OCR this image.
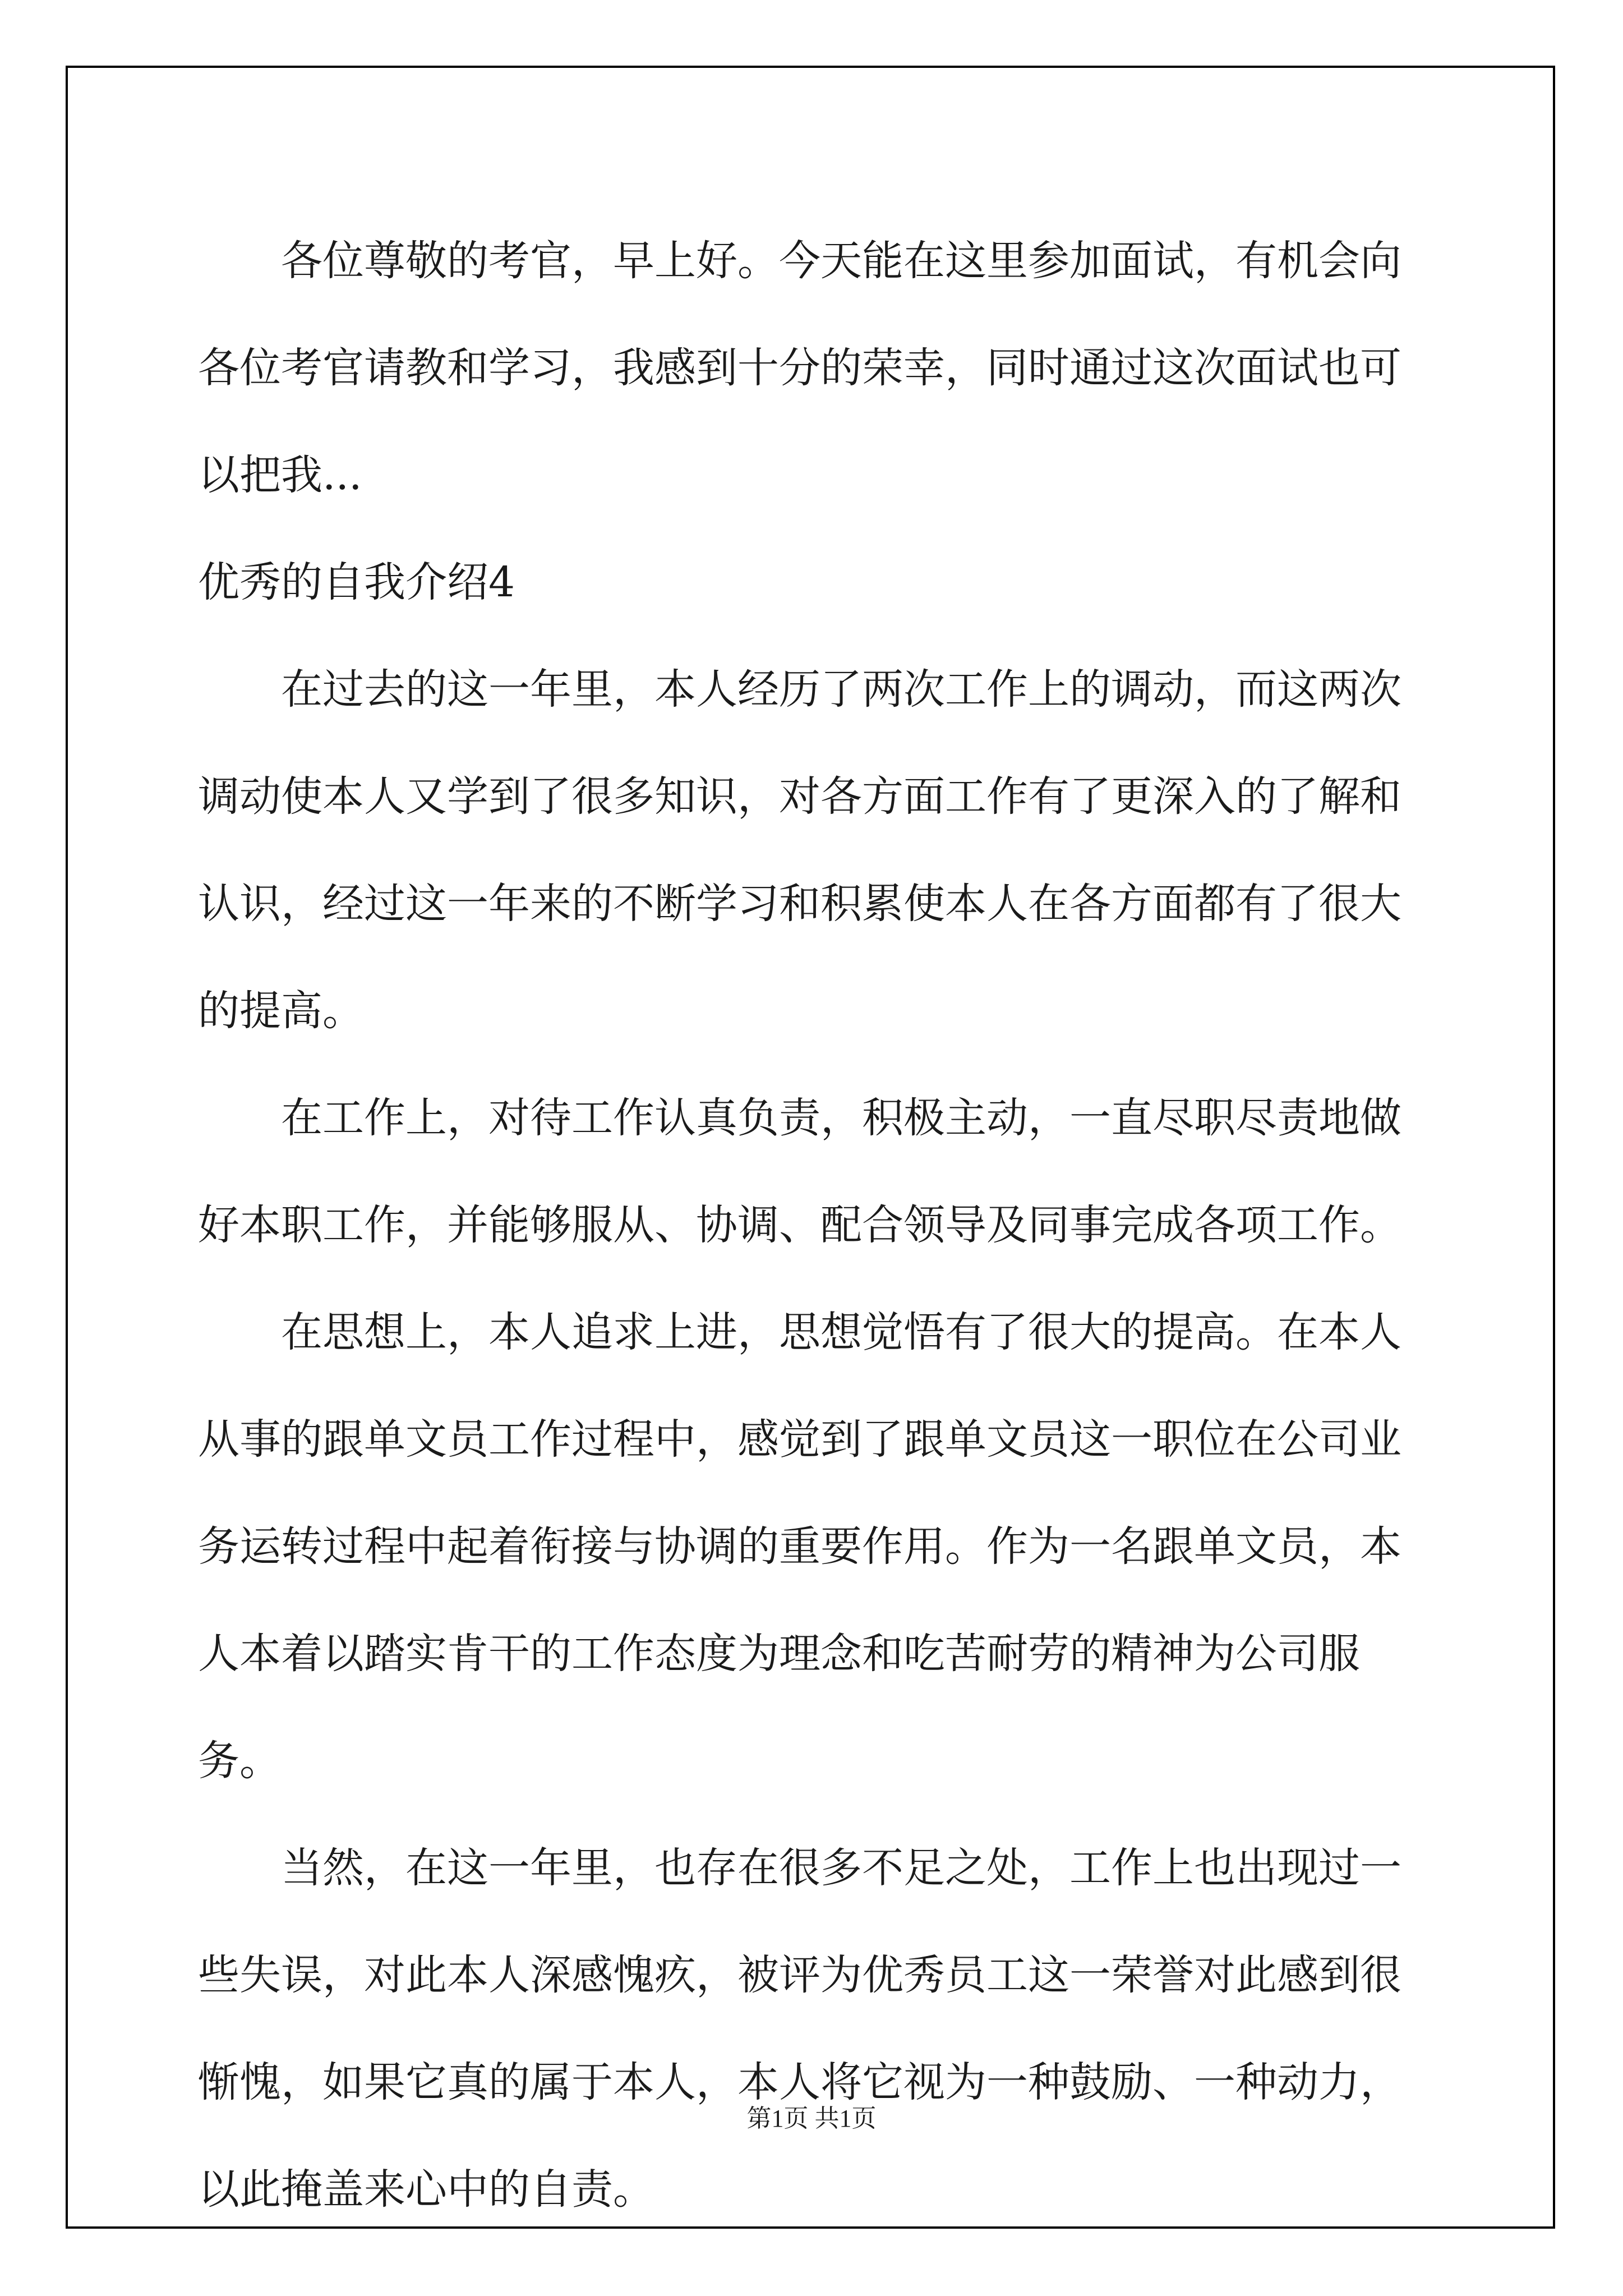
各位尊敬的考官，早上好。今天能在这里参加面试，有机会向各位考官请教和学习，我感到十分的荣幸，同时通过这次面试也可以把我...

优秀的自我介绍4

在过去的这一年里，本人经历了两次工作上的调动，而这两次调动使本人又学到了很多知识，对各方面工作有了更深入的了解和认识，经过这一年来的不断学习和积累使本人在各方面都有了很大的提高。

在工作上，对待工作认真负责，积极主动，一直尽职尽责地做好本职工作，并能够服从、协调、配合领导及同事完成各项工作。

在思想上，本人追求上进，思想觉悟有了很大的提高。在本人从事的跟单文员工作过程中，感觉到了跟单文员这一职位在公司业务运转过程中起着衔接与协调的重要作用。作为一名跟单文员，本人本着以踏实肯干的工作态度为理念和吃苦耐劳的精神为公司服务。

当然，在这一年里，也存在很多不足之处，工作上也出现过一些失误，对此本人深感愧疚，被评为优秀员工这一荣誉对此感到很惭愧，如果它真的属于本人，本人将它视为一种鼓励、一种动力，以此掩盖来心中的自责。

第1页 共1页
